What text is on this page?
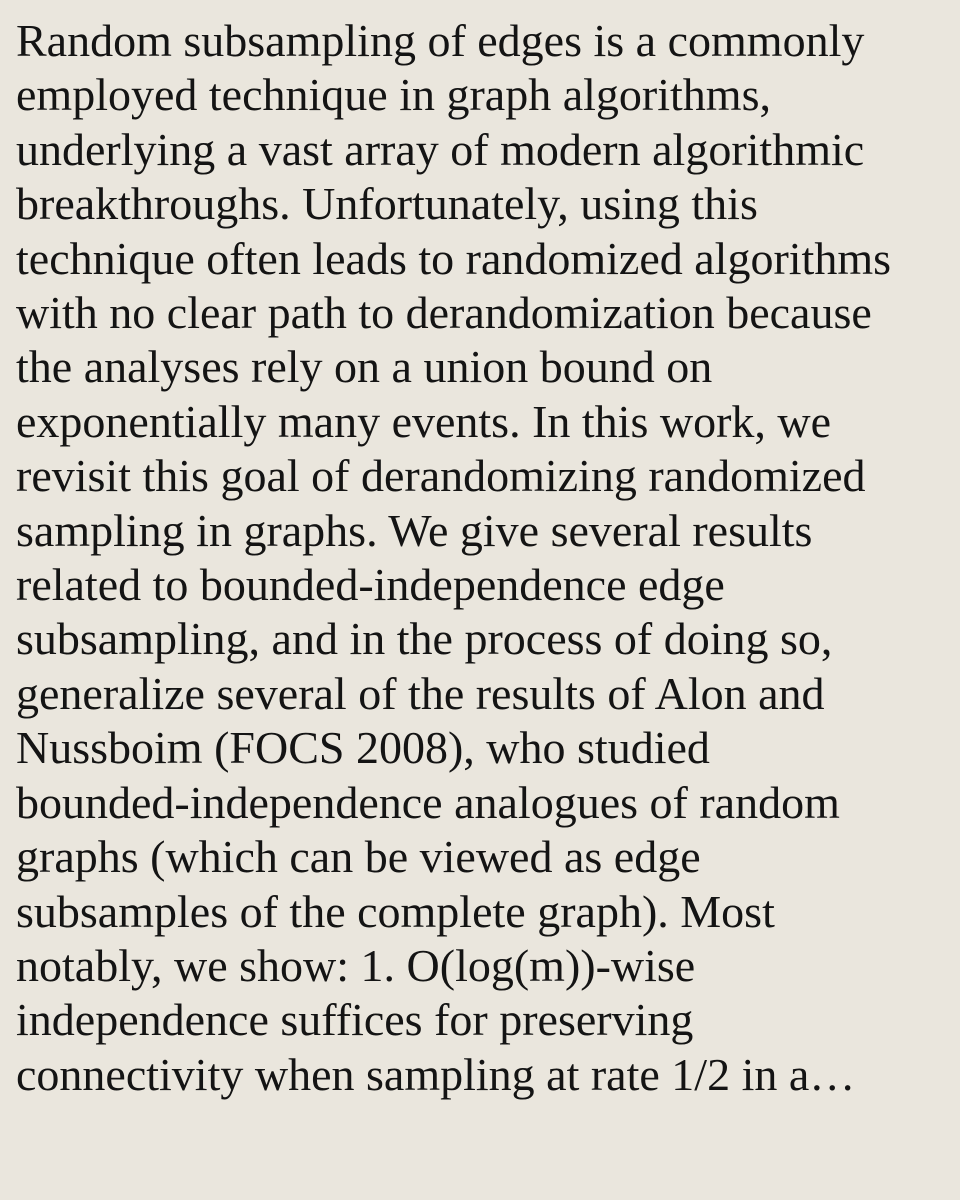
Random subsampling of edges is a commonly
employed technique in graph algorithms,
underlying a vast array of modern algorithmic
breakthroughs. Unfortunately, using this
technique often leads to randomized algorithms
with no clear path to derandomization because
the analyses rely on a union bound on
exponentially many events. In this work, we
revisit this goal of derandomizing randomized
sampling in graphs. We give several results
related to bounded-independence edge
subsampling, and in the process of doing so,
generalize several of the results of Alon and
Nussboim (FOCS 2008), who studied
bounded-independence analogues of random
graphs (which can be viewed as edge
subsamples of the complete graph). Most
notably, we show: 1. O(log(m))-wise
independence suffices for preserving
connectivity when sampling at rate 1/2 in a…
